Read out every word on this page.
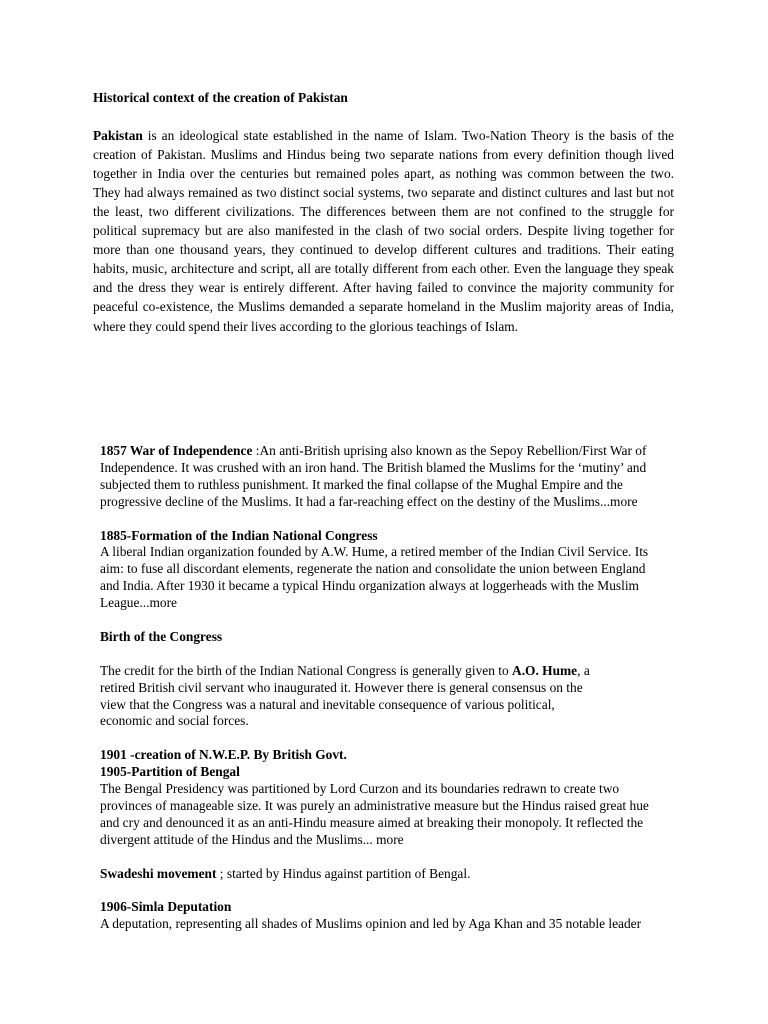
Historical context of the creation of Pakistan

Pakistan is an ideological state established in the name of Islam. Two-Nation Theory is the basis of the creation of Pakistan. Muslims and Hindus being two separate nations from every definition though lived together in India over the centuries but remained poles apart, as nothing was common between the two. They had always remained as two distinct social systems, two separate and distinct cultures and last but not the least, two different civilizations. The differences between them are not confined to the struggle for political supremacy but are also manifested in the clash of two social orders. Despite living together for more than one thousand years, they continued to develop different cultures and traditions. Their eating habits, music, architecture and script, all are totally different from each other. Even the language they speak and the dress they wear is entirely different. After having failed to convince the majority community for peaceful co-existence, the Muslims demanded a separate homeland in the Muslim majority areas of India, where they could spend their lives according to the glorious teachings of Islam.

1857 War of Independence :An anti-British uprising also known as the Sepoy Rebellion/First War of

Independence. It was crushed with an iron hand. The British blamed the Muslims for the ‘mutiny’ and

subjected them to ruthless punishment. It marked the final collapse of the Mughal Empire and the

progressive decline of the Muslims. It had a far-reaching effect on the destiny of the Muslims...more

1885-Formation of the Indian National Congress

A liberal Indian organization founded by A.W. Hume, a retired member of the Indian Civil Service. Its

aim: to fuse all discordant elements, regenerate the nation and consolidate the union between England

and India. After 1930 it became a typical Hindu organization always at loggerheads with the Muslim

League...more

Birth of the Congress

The credit for the birth of the Indian National Congress is generally given to A.O. Hume, a

retired British civil servant who inaugurated it. However there is general consensus on the

view that the Congress was a natural and inevitable consequence of various political,

economic and social forces.

1901 -creation of N.W.E.P. By British Govt.

1905-Partition of Bengal

The Bengal Presidency was partitioned by Lord Curzon and its boundaries redrawn to create two

provinces of manageable size. It was purely an administrative measure but the Hindus raised great hue

and cry and denounced it as an anti-Hindu measure aimed at breaking their monopoly. It reflected the

divergent attitude of the Hindus and the Muslims... more

Swadeshi movement ; started by Hindus against partition of Bengal.

1906-Simla Deputation

A deputation, representing all shades of Muslims opinion and led by Aga Khan and 35 notable leader
